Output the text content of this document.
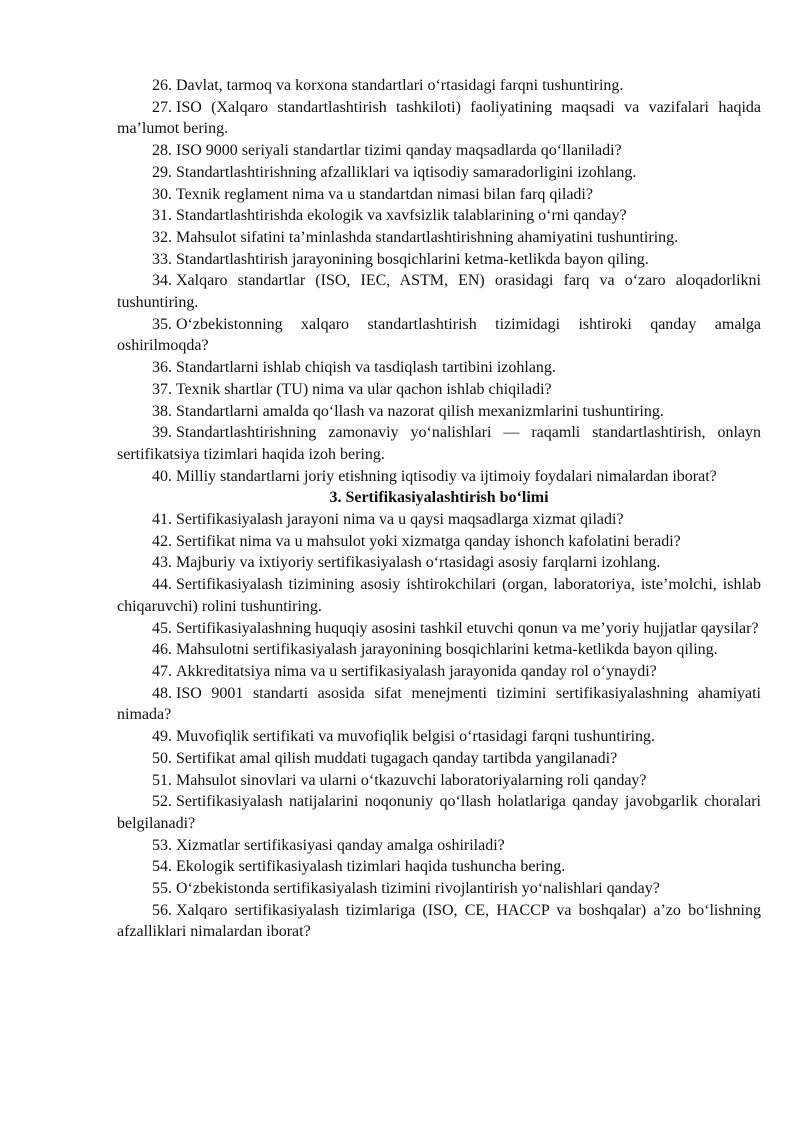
26. Davlat, tarmoq va korxona standartlari o‘rtasidagi farqni tushuntiring.

27. ISO (Xalqaro standartlashtirish tashkiloti) faoliyatining maqsadi va vazifalari haqida ma’lumot bering.

28. ISO 9000 seriyali standartlar tizimi qanday maqsadlarda qo‘llaniladi?

29. Standartlashtirishning afzalliklari va iqtisodiy samaradorligini izohlang.

30. Texnik reglament nima va u standartdan nimasi bilan farq qiladi?

31. Standartlashtirishda ekologik va xavfsizlik talablarining o‘rni qanday?

32. Mahsulot sifatini ta’minlashda standartlashtirishning ahamiyatini tushuntiring.

33. Standartlashtirish jarayonining bosqichlarini ketma-ketlikda bayon qiling.

34. Xalqaro standartlar (ISO, IEC, ASTM, EN) orasidagi farq va o‘zaro aloqadorlikni tushuntiring.

35. O‘zbekistonning xalqaro standartlashtirish tizimidagi ishtiroki qanday amalga oshirilmoqda?

36. Standartlarni ishlab chiqish va tasdiqlash tartibini izohlang.

37. Texnik shartlar (TU) nima va ular qachon ishlab chiqiladi?

38. Standartlarni amalda qo‘llash va nazorat qilish mexanizmlarini tushuntiring.

39. Standartlashtirishning zamonaviy yo‘nalishlari — raqamli standartlashtirish, onlayn sertifikatsiya tizimlari haqida izoh bering.

40. Milliy standartlarni joriy etishning iqtisodiy va ijtimoiy foydalari nimalardan iborat?

3. Sertifikasiyalashtirish bo‘limi

41. Sertifikasiyalash jarayoni nima va u qaysi maqsadlarga xizmat qiladi?

42. Sertifikat nima va u mahsulot yoki xizmatga qanday ishonch kafolatini beradi?

43. Majburiy va ixtiyoriy sertifikasiyalash o‘rtasidagi asosiy farqlarni izohlang.

44. Sertifikasiyalash tizimining asosiy ishtirokchilari (organ, laboratoriya, iste’molchi, ishlab chiqaruvchi) rolini tushuntiring.

45. Sertifikasiyalashning huquqiy asosini tashkil etuvchi qonun va me’yoriy hujjatlar qaysilar?

46. Mahsulotni sertifikasiyalash jarayonining bosqichlarini ketma-ketlikda bayon qiling.

47. Akkreditatsiya nima va u sertifikasiyalash jarayonida qanday rol o‘ynaydi?

48. ISO 9001 standarti asosida sifat menejmenti tizimini sertifikasiyalashning ahamiyati nimada?

49. Muvofiqlik sertifikati va muvofiqlik belgisi o‘rtasidagi farqni tushuntiring.

50. Sertifikat amal qilish muddati tugagach qanday tartibda yangilanadi?

51. Mahsulot sinovlari va ularni o‘tkazuvchi laboratoriyalarning roli qanday?

52. Sertifikasiyalash natijalarini noqonuniy qo‘llash holatlariga qanday javobgarlik choralari belgilanadi?

53. Xizmatlar sertifikasiyasi qanday amalga oshiriladi?

54. Ekologik sertifikasiyalash tizimlari haqida tushuncha bering.

55. O‘zbekistonda sertifikasiyalash tizimini rivojlantirish yo‘nalishlari qanday?

56. Xalqaro sertifikasiyalash tizimlariga (ISO, CE, HACCP va boshqalar) a’zo bo‘lishning afzalliklari nimalardan iborat?
